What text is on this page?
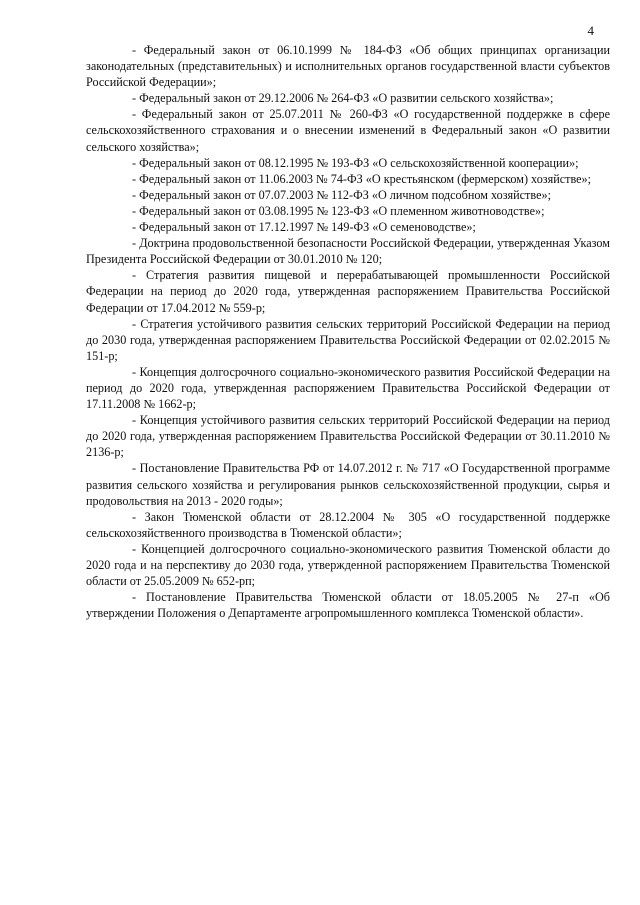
4
- Федеральный закон от 06.10.1999 № 184-ФЗ «Об общих принципах организации законодательных (представительных) и исполнительных органов государственной власти субъектов Российской Федерации»;
- Федеральный закон от 29.12.2006 № 264-ФЗ «О развитии сельского хозяйства»;
- Федеральный закон от 25.07.2011 № 260-ФЗ «О государственной поддержке в сфере сельскохозяйственного страхования и о внесении изменений в Федеральный закон «О развитии сельского хозяйства»;
- Федеральный закон от 08.12.1995 № 193-ФЗ «О сельскохозяйственной кооперации»;
- Федеральный закон от 11.06.2003 № 74-ФЗ «О крестьянском (фермерском) хозяйстве»;
- Федеральный закон от 07.07.2003 № 112-ФЗ «О личном подсобном хозяйстве»;
- Федеральный закон от 03.08.1995 № 123-ФЗ «О племенном животноводстве»;
- Федеральный закон от 17.12.1997 № 149-ФЗ «О семеноводстве»;
- Доктрина продовольственной безопасности Российской Федерации, утвержденная Указом Президента Российской Федерации от 30.01.2010 № 120;
- Стратегия развития пищевой и перерабатывающей промышленности Российской Федерации на период до 2020 года, утвержденная распоряжением Правительства Российской Федерации от 17.04.2012 № 559-р;
- Стратегия устойчивого развития сельских территорий Российской Федерации на период до 2030 года, утвержденная распоряжением Правительства Российской Федерации от 02.02.2015 № 151-р;
- Концепция долгосрочного социально-экономического развития Российской Федерации на период до 2020 года, утвержденная распоряжением Правительства Российской Федерации от 17.11.2008 № 1662-р;
- Концепция устойчивого развития сельских территорий Российской Федерации на период до 2020 года, утвержденная распоряжением Правительства Российской Федерации от 30.11.2010 № 2136-р;
- Постановление Правительства РФ от 14.07.2012 г. № 717 «О Государственной программе развития сельского хозяйства и регулирования рынков сельскохозяйственной продукции, сырья и продовольствия на 2013 - 2020 годы»;
- Закон Тюменской области от 28.12.2004 № 305 «О государственной поддержке сельскохозяйственного производства в Тюменской области»;
- Концепцией долгосрочного социально-экономического развития Тюменской области до 2020 года и на перспективу до 2030 года, утвержденной распоряжением Правительства Тюменской области от 25.05.2009 № 652-рп;
- Постановление Правительства Тюменской области от 18.05.2005 № 27-п «Об утверждении Положения о Департаменте агропромышленного комплекса Тюменской области».
